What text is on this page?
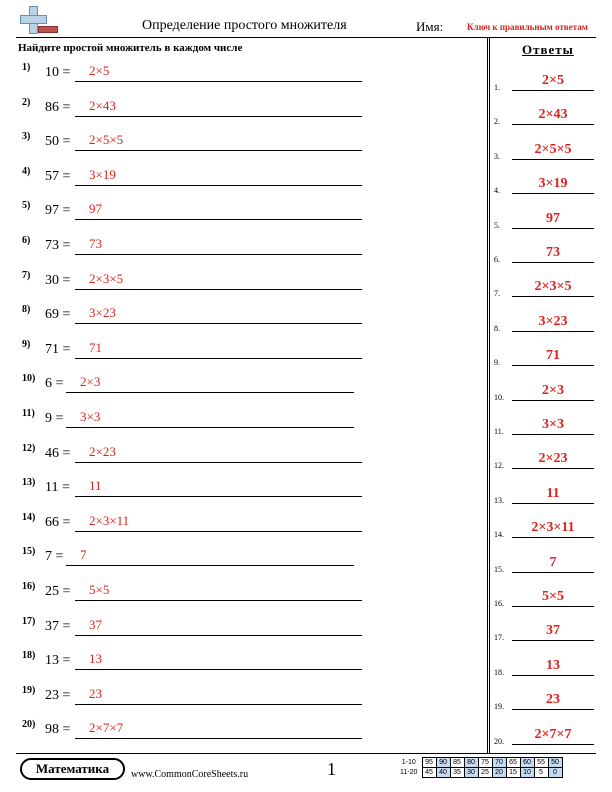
Определение простого множителя	Имя:	Ключ к правильным ответам
Найдите простой множитель в каждом числе
1) 10 = 2×5
2) 86 = 2×43
3) 50 = 2×5×5
4) 57 = 3×19
5) 97 = 97
6) 73 = 73
7) 30 = 2×3×5
8) 69 = 3×23
9) 71 = 71
10) 6 = 2×3
11) 9 = 3×3
12) 46 = 2×23
13) 11 = 11
14) 66 = 2×3×11
15) 7 = 7
16) 25 = 5×5
17) 37 = 37
18) 13 = 13
19) 23 = 23
20) 98 = 2×7×7
Ответы
1.	2×5
2.	2×43
3.	2×5×5
4.	3×19
5.	97
6.	73
7.	2×3×5
8.	3×23
9.	71
10.	2×3
11.	3×3
12.	2×23
13.	11
14.	2×3×11
15.	7
16.	5×5
17.	37
18.	13
19.	23
20.	2×7×7
Математика	www.CommonCoreSheets.ru	1	1-10	95	90	85	80	75	70	65	60	55	50
11-20	45	40	35	30	25	20	15	10	5	0
